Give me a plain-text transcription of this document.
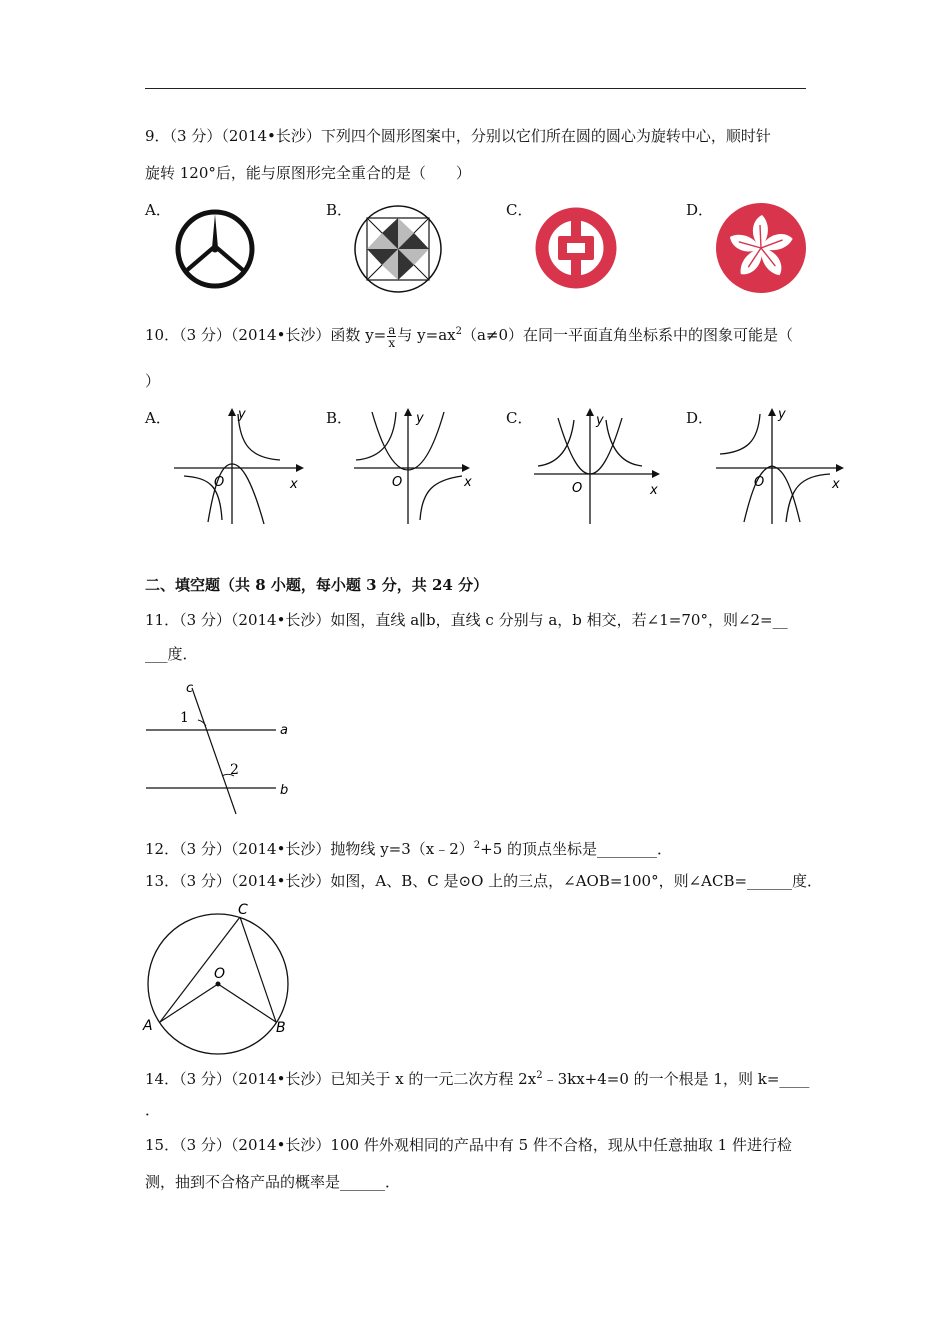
9．（3 分）（2014•长沙）下列四个圆形图案中，分别以它们所在圆的圆心为旋转中心，顺时针
旋转 120°后，能与原图形完全重合的是（　　）
A．	B．	C．	D．
10．（3 分）（2014•长沙）函数 $y= \frac{a}{x}$ 与 $y=ax^2(a\ne 0)$在同一平面直角坐标系中的图象可能是（
）
A．	B．	C．	D．
y
x
O
y
x
O
y
x
O
y
x
O
二、填空题（共 8 小题，每小题 3 分，共 24 分）
11．（3 分）（2014•长沙）如图，直线 a∥b，直线 c 分别与 a，b 相交，若∠1=70°，则∠2=__
___度．
c
1
a
2
b
12．（3 分）（2014•长沙）抛物线 y=3（x﹣2）$^2$+5 的顶点坐标是________．
13．（3 分）（2014•长沙）如图，A、B、C 是⊙O 上的三点，∠AOB=100°，则∠ACB=______度．
C
O
A	B
14．（3 分）（2014•长沙）已知关于 x 的一元二次方程 $2x^2﹣3kx+4=0$ 的一个根是 1，则 k=____
．
15．（3 分）（2014•长沙）100 件外观相同的产品中有 5 件不合格，现从中任意抽取 1 件进行检
测，抽到不合格产品的概率是______．
